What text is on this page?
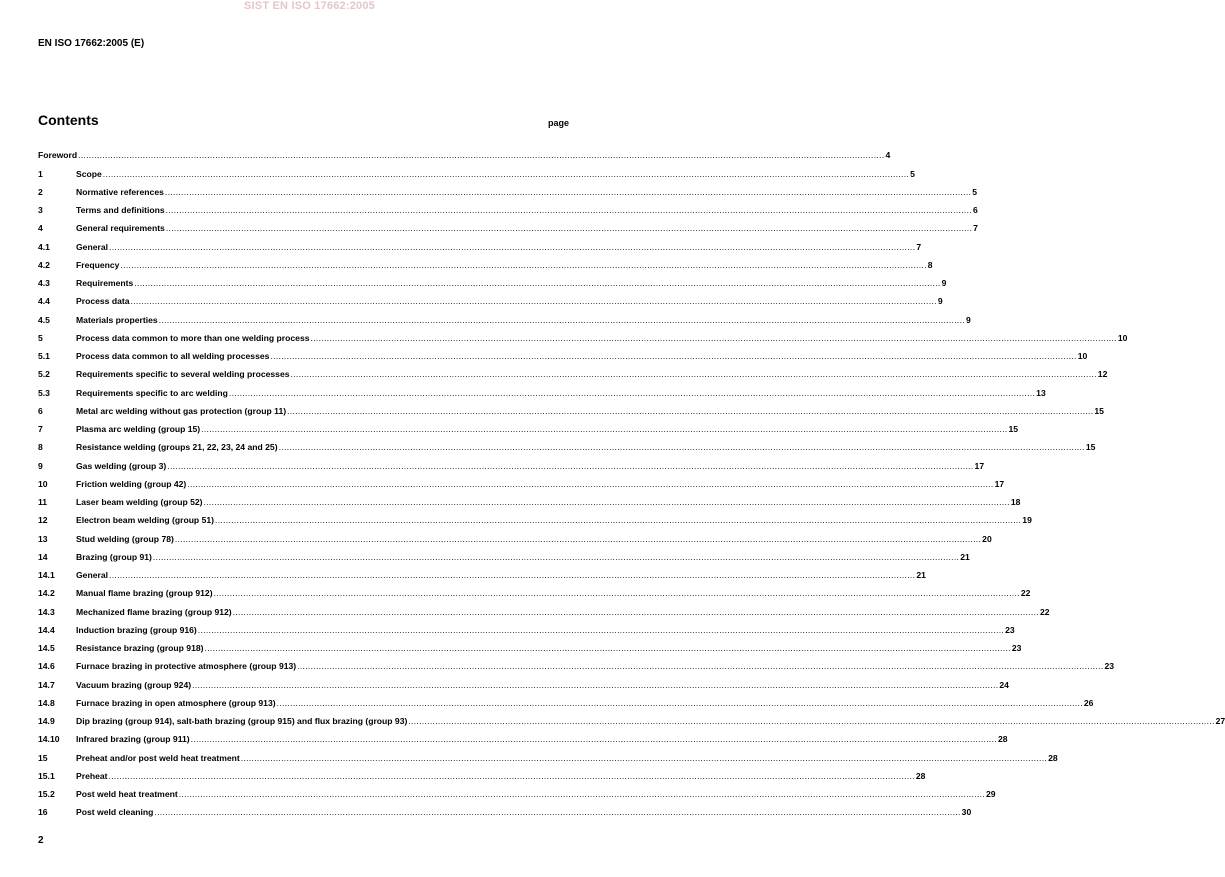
SIST EN ISO 17662:2005
EN ISO 17662:2005 (E)
Contents	page
Foreword ............................................................................................................................................................................................................................................................................................................ 4
1	Scope ............................................................................................................................................................................................................................................................................................................ 5
2	Normative references ............................................................................................................................................................................................................................................................................................................ 5
3	Terms and definitions ............................................................................................................................................................................................................................................................................................................ 6
4	General requirements ............................................................................................................................................................................................................................................................................................................ 7
4.1	General ............................................................................................................................................................................................................................................................................................................ 7
4.2	Frequency ............................................................................................................................................................................................................................................................................................................ 8
4.3	Requirements ............................................................................................................................................................................................................................................................................................................ 9
4.4	Process data ............................................................................................................................................................................................................................................................................................................ 9
4.5	Materials properties ............................................................................................................................................................................................................................................................................................................ 9
5	Process data common to more than one welding process ............................................................................................................................................................................................................................................................................................................ 10
5.1	Process data common to all welding processes ............................................................................................................................................................................................................................................................................................................ 10
5.2	Requirements specific to several welding processes ............................................................................................................................................................................................................................................................................................................ 12
5.3	Requirements specific to arc welding ............................................................................................................................................................................................................................................................................................................ 13
6	Metal arc welding without gas protection (group 11) ............................................................................................................................................................................................................................................................................................................ 15
7	Plasma arc welding (group 15) ............................................................................................................................................................................................................................................................................................................ 15
8	Resistance welding (groups 21, 22, 23, 24 and 25) ............................................................................................................................................................................................................................................................................................................ 15
9	Gas welding (group 3) ............................................................................................................................................................................................................................................................................................................ 17
10	Friction welding (group 42) ............................................................................................................................................................................................................................................................................................................ 17
11	Laser beam welding (group 52) ............................................................................................................................................................................................................................................................................................................ 18
12	Electron beam welding (group 51) ............................................................................................................................................................................................................................................................................................................ 19
13	Stud welding (group 78) ............................................................................................................................................................................................................................................................................................................ 20
14	Brazing (group 91) ............................................................................................................................................................................................................................................................................................................ 21
14.1	General ............................................................................................................................................................................................................................................................................................................ 21
14.2	Manual flame brazing (group 912) ............................................................................................................................................................................................................................................................................................................ 22
14.3	Mechanized flame brazing (group 912) ............................................................................................................................................................................................................................................................................................................ 22
14.4	Induction brazing (group 916) ............................................................................................................................................................................................................................................................................................................ 23
14.5	Resistance brazing (group 918) ............................................................................................................................................................................................................................................................................................................ 23
14.6	Furnace brazing in protective atmosphere (group 913) ............................................................................................................................................................................................................................................................................................................ 23
14.7	Vacuum brazing (group 924) ............................................................................................................................................................................................................................................................................................................ 24
14.8	Furnace brazing in open atmosphere (group 913) ............................................................................................................................................................................................................................................................................................................ 26
14.9	Dip brazing (group 914), salt-bath brazing (group 915) and flux brazing (group 93) ............................................................................................................................................................................................................................................................................................................ 27
14.10	Infrared brazing (group 911) ............................................................................................................................................................................................................................................................................................................ 28
15	Preheat and/or post weld heat treatment ............................................................................................................................................................................................................................................................................................................ 28
15.1	Preheat ............................................................................................................................................................................................................................................................................................................ 28
15.2	Post weld heat treatment ............................................................................................................................................................................................................................................................................................................ 29
16	Post weld cleaning ............................................................................................................................................................................................................................................................................................................ 30
2
